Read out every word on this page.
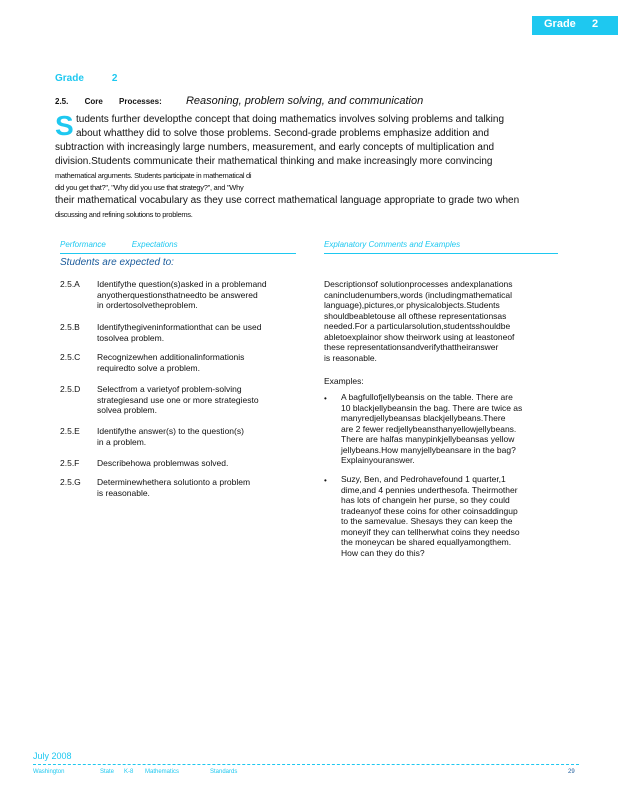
Grade 2
Grade	2
2.5. Core Processes: Reasoning, problem solving, and communication
S tudents further developthe concept that doing mathematics involves solving problems and talking
about whatthey did to solve those problems. Second-grade problems emphasize addition and
subtraction with increasingly large numbers, measurement, and early concepts of multiplication and
division.Students communicate their mathematical thinking and make increasingly more convincing
mathematical arguments. Students participate in mathematical di
did you get that?", "Why did you use that strategy?", and "Why
their mathematical vocabulary as they use correct mathematical language appropriate to grade two when
discussing and refining solutions to problems.
Performance	Expectations
Students are expected to:
Explanatory Comments and Examples
2.5.A Identifythe question(s)asked in a problemand
anyotherquestionsthatneedto be answered
in ordertosolvetheproblem.
2.5.B Identifythegiveninformationthat can be used
tosolvea problem.
2.5.C Recognizewhen additionalinformationis
requiredto solve a problem.
2.5.D Selectfrom a varietyof problem-solving
strategiesand use one or more strategiesto
solvea problem.
2.5.E Identifythe answer(s) to the question(s)
in a problem.
2.5.F Describehowa problemwas solved.
2.5.G Determinewhethera solutionto a problem
is reasonable.
Descriptionsof solutionprocesses andexplanations
canincludenumbers,words (includingmathematical
language),pictures,or physicalobjects.Students
shouldbeabletouse all ofthese representationsas
needed.For a particularsolution,studentsshouldbe
abletoexplainor show theirwork using at leastoneof
these representationsandverifythattheiranswer
is reasonable.
Examples:
• A bagfullofjellybeansis on the table. There are
10 blackjellybeansin the bag. There are twice as
manyredjellybeansas blackjellybeans.There
are 2 fewer redjellybeansthanyellowjellybeans.
There are halfas manypinkjellybeansas yellow
jellybeans.How manyjellybeansare in the bag?
Explainyouranswer.
• Suzy, Ben, and Pedrohavefound 1 quarter,1
dime,and 4 pennies underthesofa. Theirmother
has lots of changein her purse, so they could
tradeanyof these coins for other coinsaddingup
to the samevalue. Shesays they can keep the
moneyif they can tellherwhat coins they needso
the moneycan be shared equallyamongthem.
How can they do this?
July 2008
Washington	State K-8 Mathematics	Standards	29
